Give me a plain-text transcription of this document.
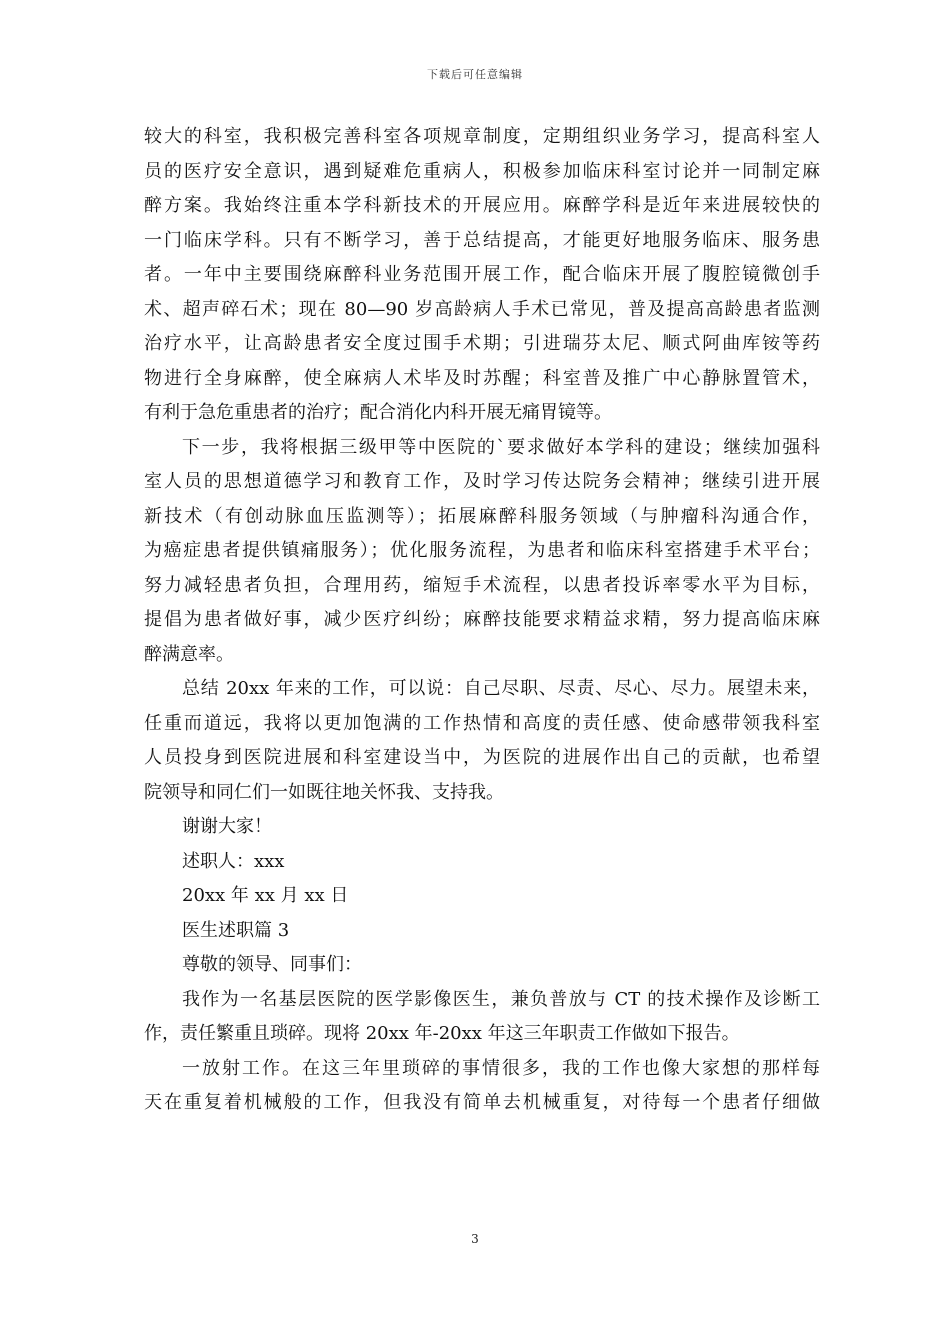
下载后可任意编辑
较大的科室，我积极完善科室各项规章制度，定期组织业务学习，提高科室人
员的医疗安全意识，遇到疑难危重病人，积极参加临床科室讨论并一同制定麻
醉方案。我始终注重本学科新技术的开展应用。麻醉学科是近年来进展较快的
一门临床学科。只有不断学习，善于总结提高，才能更好地服务临床、服务患
者。一年中主要围绕麻醉科业务范围开展工作，配合临床开展了腹腔镜微创手
术、超声碎石术；现在 80—90 岁高龄病人手术已常见，普及提高高龄患者监测
治疗水平，让高龄患者安全度过围手术期；引进瑞芬太尼、顺式阿曲库铵等药
物进行全身麻醉，使全麻病人术毕及时苏醒；科室普及推广中心静脉置管术，
有利于急危重患者的治疗；配合消化内科开展无痛胃镜等。
下一步，我将根据三级甲等中医院的`要求做好本学科的建设；继续加强科
室人员的思想道德学习和教育工作，及时学习传达院务会精神；继续引进开展
新技术（有创动脉血压监测等）；拓展麻醉科服务领域（与肿瘤科沟通合作，
为癌症患者提供镇痛服务）；优化服务流程，为患者和临床科室搭建手术平台；
努力减轻患者负担，合理用药，缩短手术流程，以患者投诉率零水平为目标，
提倡为患者做好事，减少医疗纠纷；麻醉技能要求精益求精，努力提高临床麻
醉满意率。
总结 20xx 年来的工作，可以说：自己尽职、尽责、尽心、尽力。展望未来，
任重而道远，我将以更加饱满的工作热情和高度的责任感、使命感带领我科室
人员投身到医院进展和科室建设当中，为医院的进展作出自己的贡献，也希望
院领导和同仁们一如既往地关怀我、支持我。
谢谢大家！
述职人：xxx
20xx 年 xx 月 xx 日
医生述职篇 3
尊敬的领导、同事们：
我作为一名基层医院的医学影像医生，兼负普放与 CT 的技术操作及诊断工
作，责任繁重且琐碎。现将 20xx 年-20xx 年这三年职责工作做如下报告。
一放射工作。在这三年里琐碎的事情很多，我的工作也像大家想的那样每
天在重复着机械般的工作，但我没有简单去机械重复，对待每一个患者仔细做
3
